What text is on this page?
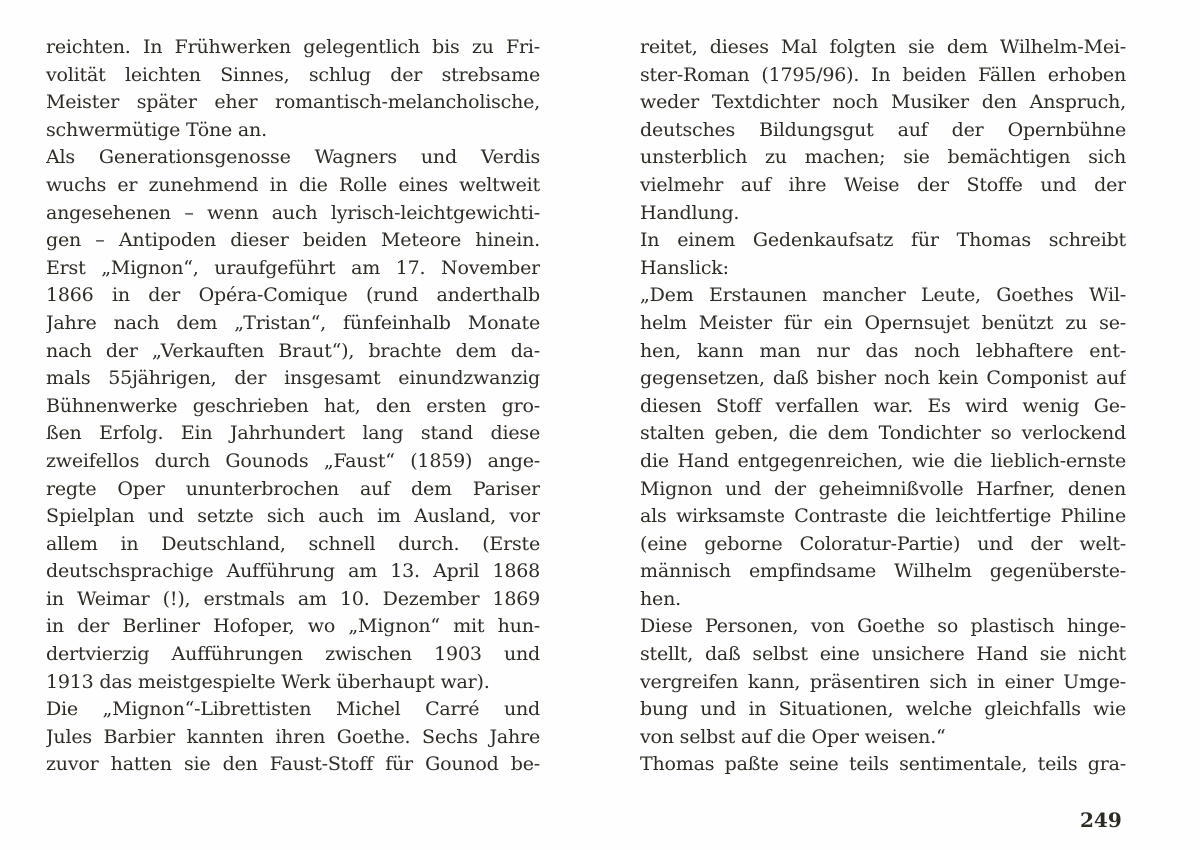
reichten. In Frühwerken gelegentlich bis zu Fri-
volität leichten Sinnes, schlug der strebsame
Meister später eher romantisch-melancholische,
schwermütige Töne an.
Als Generationsgenosse Wagners und Verdis
wuchs er zunehmend in die Rolle eines weltweit
angesehenen – wenn auch lyrisch-leichtgewichti-
gen – Antipoden dieser beiden Meteore hinein.
Erst „Mignon“, uraufgeführt am 17. November
1866 in der Opéra-Comique (rund anderthalb
Jahre nach dem „Tristan“, fünfeinhalb Monate
nach der „Verkauften Braut“), brachte dem da-
mals 55jährigen, der insgesamt einundzwanzig
Bühnenwerke geschrieben hat, den ersten gro-
ßen Erfolg. Ein Jahrhundert lang stand diese
zweifellos durch Gounods „Faust“ (1859) ange-
regte Oper ununterbrochen auf dem Pariser
Spielplan und setzte sich auch im Ausland, vor
allem in Deutschland, schnell durch. (Erste
deutschsprachige Aufführung am 13. April 1868
in Weimar (!), erstmals am 10. Dezember 1869
in der Berliner Hofoper, wo „Mignon“ mit hun-
dertvierzig Aufführungen zwischen 1903 und
1913 das meistgespielte Werk überhaupt war).
Die „Mignon“-Librettisten Michel Carré und
Jules Barbier kannten ihren Goethe. Sechs Jahre
zuvor hatten sie den Faust-Stoff für Gounod be-
reitet, dieses Mal folgten sie dem Wilhelm-Mei-
ster-Roman (1795/96). In beiden Fällen erhoben
weder Textdichter noch Musiker den Anspruch,
deutsches Bildungsgut auf der Opernbühne
unsterblich zu machen; sie bemächtigen sich
vielmehr auf ihre Weise der Stoffe und der
Handlung.
In einem Gedenkaufsatz für Thomas schreibt
Hanslick:
„Dem Erstaunen mancher Leute, Goethes Wil-
helm Meister für ein Opernsujet benützt zu se-
hen, kann man nur das noch lebhaftere ent-
gegensetzen, daß bisher noch kein Componist auf
diesen Stoff verfallen war. Es wird wenig Ge-
stalten geben, die dem Tondichter so verlockend
die Hand entgegenreichen, wie die lieblich-ernste
Mignon und der geheimnißvolle Harfner, denen
als wirksamste Contraste die leichtfertige Philine
(eine geborne Coloratur-Partie) und der welt-
männisch empfindsame Wilhelm gegenüberste-
hen.
Diese Personen, von Goethe so plastisch hinge-
stellt, daß selbst eine unsichere Hand sie nicht
vergreifen kann, präsentiren sich in einer Umge-
bung und in Situationen, welche gleichfalls wie
von selbst auf die Oper weisen.“
Thomas paßte seine teils sentimentale, teils gra-
249
